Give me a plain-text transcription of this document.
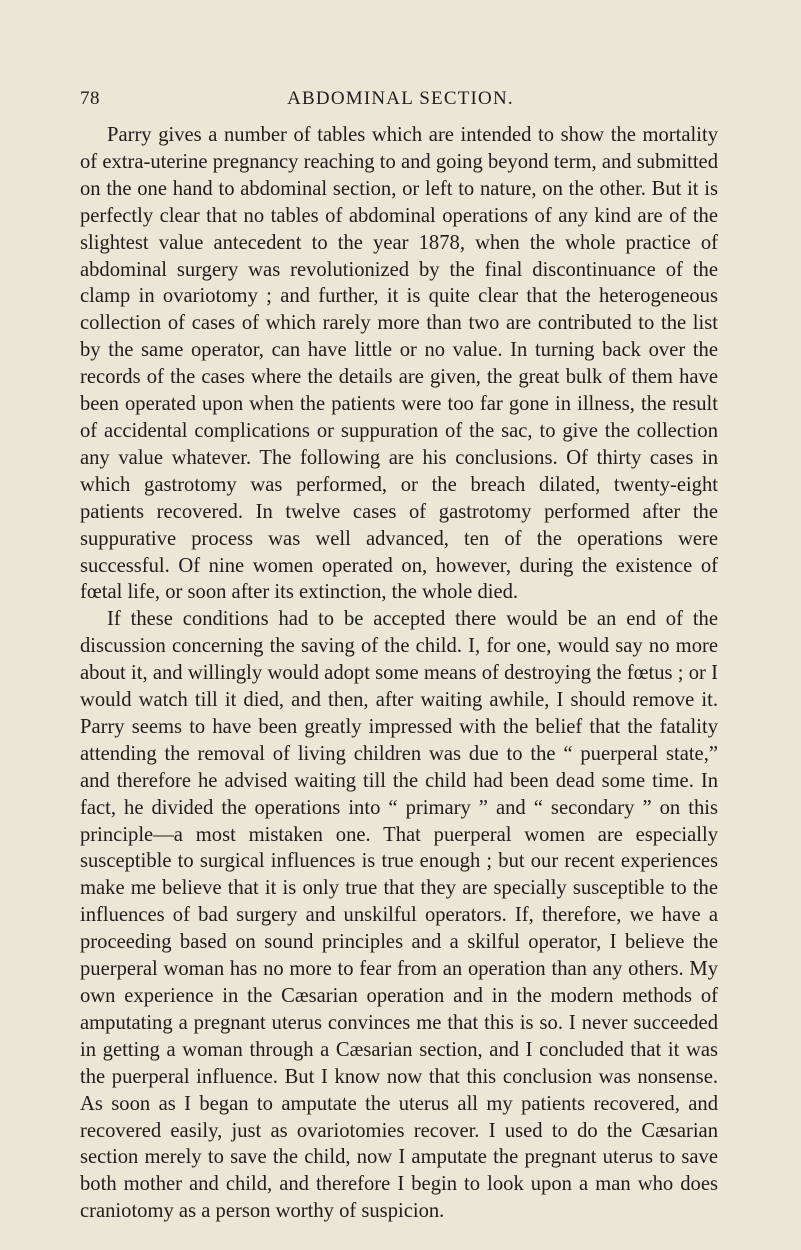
78	ABDOMINAL SECTION.

Parry gives a number of tables which are intended to show the mortality of extra-uterine pregnancy reaching to and going beyond term, and submitted on the one hand to abdominal section, or left to nature, on the other. But it is perfectly clear that no tables of abdominal operations of any kind are of the slightest value antecedent to the year 1878, when the whole practice of abdominal surgery was revolutionized by the final discontinuance of the clamp in ovariotomy ; and further, it is quite clear that the heterogeneous collection of cases of which rarely more than two are contributed to the list by the same operator, can have little or no value. In turning back over the records of the cases where the details are given, the great bulk of them have been operated upon when the patients were too far gone in illness, the result of accidental complications or suppuration of the sac, to give the collection any value whatever. The following are his conclusions. Of thirty cases in which gastrotomy was performed, or the breach dilated, twenty-eight patients recovered. In twelve cases of gastrotomy performed after the suppurative process was well advanced, ten of the operations were successful. Of nine women operated on, however, during the existence of fœtal life, or soon after its extinction, the whole died.

If these conditions had to be accepted there would be an end of the discussion concerning the saving of the child. I, for one, would say no more about it, and willingly would adopt some means of destroying the fœtus ; or I would watch till it died, and then, after waiting awhile, I should remove it. Parry seems to have been greatly impressed with the belief that the fatality attending the removal of living children was due to the “ puerperal state,” and therefore he advised waiting till the child had been dead some time. In fact, he divided the operations into “ primary ” and “ secondary ” on this principle—a most mistaken one. That puerperal women are especially susceptible to surgical influences is true enough ; but our recent experiences make me believe that it is only true that they are specially susceptible to the influences of bad surgery and unskilful operators. If, therefore, we have a proceeding based on sound principles and a skilful operator, I believe the puerperal woman has no more to fear from an operation than any others. My own experience in the Cæsarian operation and in the modern methods of amputating a pregnant uterus convinces me that this is so. I never succeeded in getting a woman through a Cæsarian section, and I concluded that it was the puerperal influence. But I know now that this conclusion was nonsense. As soon as I began to amputate the uterus all my patients recovered, and recovered easily, just as ovariotomies recover. I used to do the Cæsarian section merely to save the child, now I amputate the pregnant uterus to save both mother and child, and therefore I begin to look upon a man who does craniotomy as a person worthy of suspicion.
